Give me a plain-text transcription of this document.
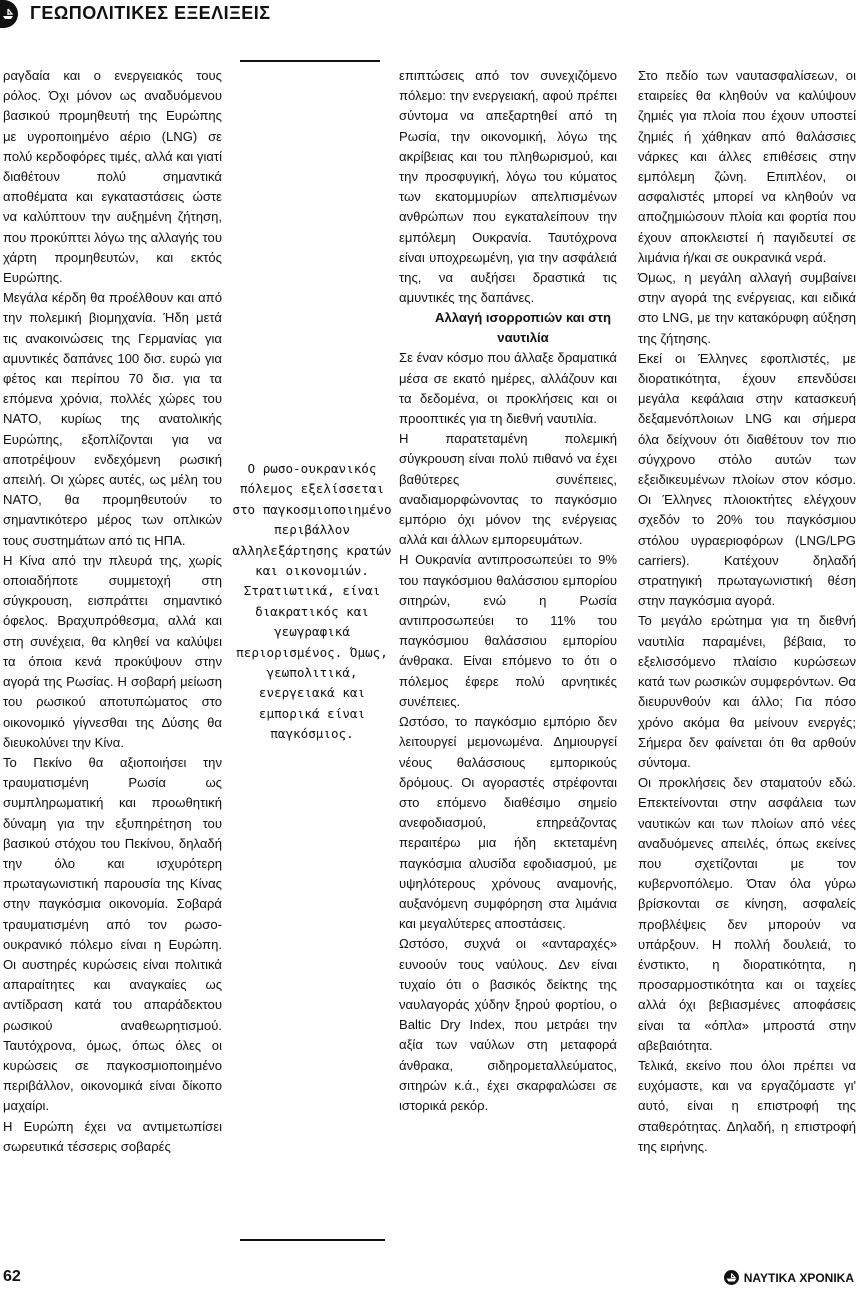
ΓΕΩΠΟΛΙΤΙΚΕΣ ΕΞΕΛΙΞΕΙΣ

ραγδαία και ο ενεργειακός τους ρόλος. Όχι μόνον ως αναδυόμενου βασικού προμηθευτή της Ευρώπης με υγροποιημένο αέριο (LNG) σε πολύ κερδοφόρες τιμές, αλλά και γιατί διαθέτουν πολύ σημαντικά αποθέματα και εγκαταστάσεις ώστε να καλύπτουν την αυξημένη ζήτηση, που προκύπτει λόγω της αλλαγής του χάρτη προμηθευτών, και εκτός Ευρώπης.

Μεγάλα κέρδη θα προέλθουν και από την πολεμική βιομηχανία. Ήδη μετά τις ανακοινώσεις της Γερμανίας για αμυντικές δαπάνες 100 δισ. ευρώ για φέτος και περίπου 70 δισ. για τα επόμενα χρόνια, πολλές χώρες του ΝΑΤΟ, κυρίως της ανατολικής Ευρώπης, εξοπλίζονται για να αποτρέψουν ενδεχόμενη ρωσική απειλή. Οι χώρες αυτές, ως μέλη του ΝΑΤΟ, θα προμηθευτούν το σημαντικότερο μέρος των οπλικών τους συστημάτων από τις ΗΠΑ.

Η Κίνα από την πλευρά της, χωρίς οποιαδήποτε συμμετοχή στη σύγκρουση, εισπράττει σημαντικό όφελος. Βραχυπρόθεσμα, αλλά και στη συνέχεια, θα κληθεί να καλύψει τα όποια κενά προκύψουν στην αγορά της Ρωσίας. Η σοβαρή μείωση του ρωσικού αποτυπώματος στο οικονομικό γίγνεσθαι της Δύσης θα διευκολύνει την Κίνα.

Το Πεκίνο θα αξιοποιήσει την τραυματισμένη Ρωσία ως συμπληρωματική και προωθητική δύναμη για την εξυπηρέτηση του βασικού στόχου του Πεκίνου, δηλαδή την όλο και ισχυρότερη πρωταγωνιστική παρουσία της Κίνας στην παγκόσμια οικονομία. Σοβαρά τραυματισμένη από τον ρωσο-ουκρανικό πόλεμο είναι η Ευρώπη. Οι αυστηρές κυρώσεις είναι πολιτικά απαραίτητες και αναγκαίες ως αντίδραση κατά του απαράδεκτου ρωσικού αναθεωρητισμού. Ταυτόχρονα, όμως, όπως όλες οι κυρώσεις σε παγκοσμιοποιημένο περιβάλλον, οικονομικά είναι δίκοπο μαχαίρι.

Η Ευρώπη έχει να αντιμετωπίσει σωρευτικά τέσσερις σοβαρές

Ο ρωσο-ουκρανικός πόλεμος εξελίσσεται στο παγκοσμιοποιημένο περιβάλλον αλληλεξάρτησης κρατών και οικονομιών. Στρατιωτικά, είναι διακρατικός και γεωγραφικά περιορισμένος. Όμως, γεωπολιτικά, ενεργειακά και εμπορικά είναι παγκόσμιος.

επιπτώσεις από τον συνεχιζόμενο πόλεμο: την ενεργειακή, αφού πρέπει σύντομα να απεξαρτηθεί από τη Ρωσία, την οικονομική, λόγω της ακρίβειας και του πληθωρισμού, και την προσφυγική, λόγω του κύματος των εκατομμυρίων απελπισμένων ανθρώπων που εγκαταλείπουν την εμπόλεμη Ουκρανία. Ταυτόχρονα είναι υποχρεωμένη, για την ασφάλειά της, να αυξήσει δραστικά τις αμυντικές της δαπάνες.

Αλλαγή ισορροπιών και στη ναυτιλία

Σε έναν κόσμο που άλλαξε δραματικά μέσα σε εκατό ημέρες, αλλάζουν και τα δεδομένα, οι προκλήσεις και οι προοπτικές για τη διεθνή ναυτιλία.

Η παρατεταμένη πολεμική σύγκρουση είναι πολύ πιθανό να έχει βαθύτερες συνέπειες, αναδιαμορφώνοντας το παγκόσμιο εμπόριο όχι μόνον της ενέργειας αλλά και άλλων εμπορευμάτων.

Η Ουκρανία αντιπροσωπεύει το 9% του παγκόσμιου θαλάσσιου εμπορίου σιτηρών, ενώ η Ρωσία αντιπροσωπεύει το 11% του παγκόσμιου θαλάσσιου εμπορίου άνθρακα. Είναι επόμενο το ότι ο πόλεμος έφερε πολύ αρνητικές συνέπειες.

Ωστόσο, το παγκόσμιο εμπόριο δεν λειτουργεί μεμονωμένα. Δημιουργεί νέους θαλάσσιους εμπορικούς δρόμους. Οι αγοραστές στρέφονται στο επόμενο διαθέσιμο σημείο ανεφοδιασμού, επηρεάζοντας περαιτέρω μια ήδη εκτεταμένη παγκόσμια αλυσίδα εφοδιασμού, με υψηλότερους χρόνους αναμονής, αυξανόμενη συμφόρηση στα λιμάνια και μεγαλύτερες αποστάσεις.

Ωστόσο, συχνά οι «ανταραχές» ευνοούν τους ναύλους. Δεν είναι τυχαίο ότι ο βασικός δείκτης της ναυλαγοράς χύδην ξηρού φορτίου, ο Baltic Dry Index, που μετράει την αξία των ναύλων στη μεταφορά άνθρακα, σιδηρομεταλλεύματος, σιτηρών κ.ά., έχει σκαρφαλώσει σε ιστορικά ρεκόρ.

Στο πεδίο των ναυτασφαλίσεων, οι εταιρείες θα κληθούν να καλύψουν ζημιές για πλοία που έχουν υποστεί ζημιές ή χάθηκαν από θαλάσσιες νάρκες και άλλες επιθέσεις στην εμπόλεμη ζώνη. Επιπλέον, οι ασφαλιστές μπορεί να κληθούν να αποζημιώσουν πλοία και φορτία που έχουν αποκλειστεί ή παγιδευτεί σε λιμάνια ή/και σε ουκρανικά νερά.

Όμως, η μεγάλη αλλαγή συμβαίνει στην αγορά της ενέργειας, και ειδικά στο LNG, με την κατακόρυφη αύξηση της ζήτησης.

Εκεί οι Έλληνες εφοπλιστές, με διορατικότητα, έχουν επενδύσει μεγάλα κεφάλαια στην κατασκευή δεξαμενόπλοιων LNG και σήμερα όλα δείχνουν ότι διαθέτουν τον πιο σύγχρονο στόλο αυτών των εξειδικευμένων πλοίων στον κόσμο. Οι Έλληνες πλοιοκτήτες ελέγχουν σχεδόν το 20% του παγκόσμιου στόλου υγραεριοφόρων (LNG/LPG carriers). Κατέχουν δηλαδή στρατηγική πρωταγωνιστική θέση στην παγκόσμια αγορά.

Το μεγάλο ερώτημα για τη διεθνή ναυτιλία παραμένει, βέβαια, το εξελισσόμενο πλαίσιο κυρώσεων κατά των ρωσικών συμφερόντων. Θα διευρυνθούν και άλλο; Για πόσο χρόνο ακόμα θα μείνουν ενεργές; Σήμερα δεν φαίνεται ότι θα αρθούν σύντομα.

Οι προκλήσεις δεν σταματούν εδώ. Επεκτείνονται στην ασφάλεια των ναυτικών και των πλοίων από νέες αναδυόμενες απειλές, όπως εκείνες που σχετίζονται με τον κυβερνοπόλεμο. Όταν όλα γύρω βρίσκονται σε κίνηση, ασφαλείς προβλέψεις δεν μπορούν να υπάρξουν. Η πολλή δουλειά, το ένστικτο, η διορατικότητα, η προσαρμοστικότητα και οι ταχείες αλλά όχι βεβιασμένες αποφάσεις είναι τα «όπλα» μπροστά στην αβεβαιότητα.

Τελικά, εκείνο που όλοι πρέπει να ευχόμαστε, και να εργαζόμαστε γι' αυτό, είναι η επιστροφή της σταθερότητας. Δηλαδή, η επιστροφή της ειρήνης.

62	ΝΑΥΤΙΚΑ ΧΡΟΝΙΚΑ
